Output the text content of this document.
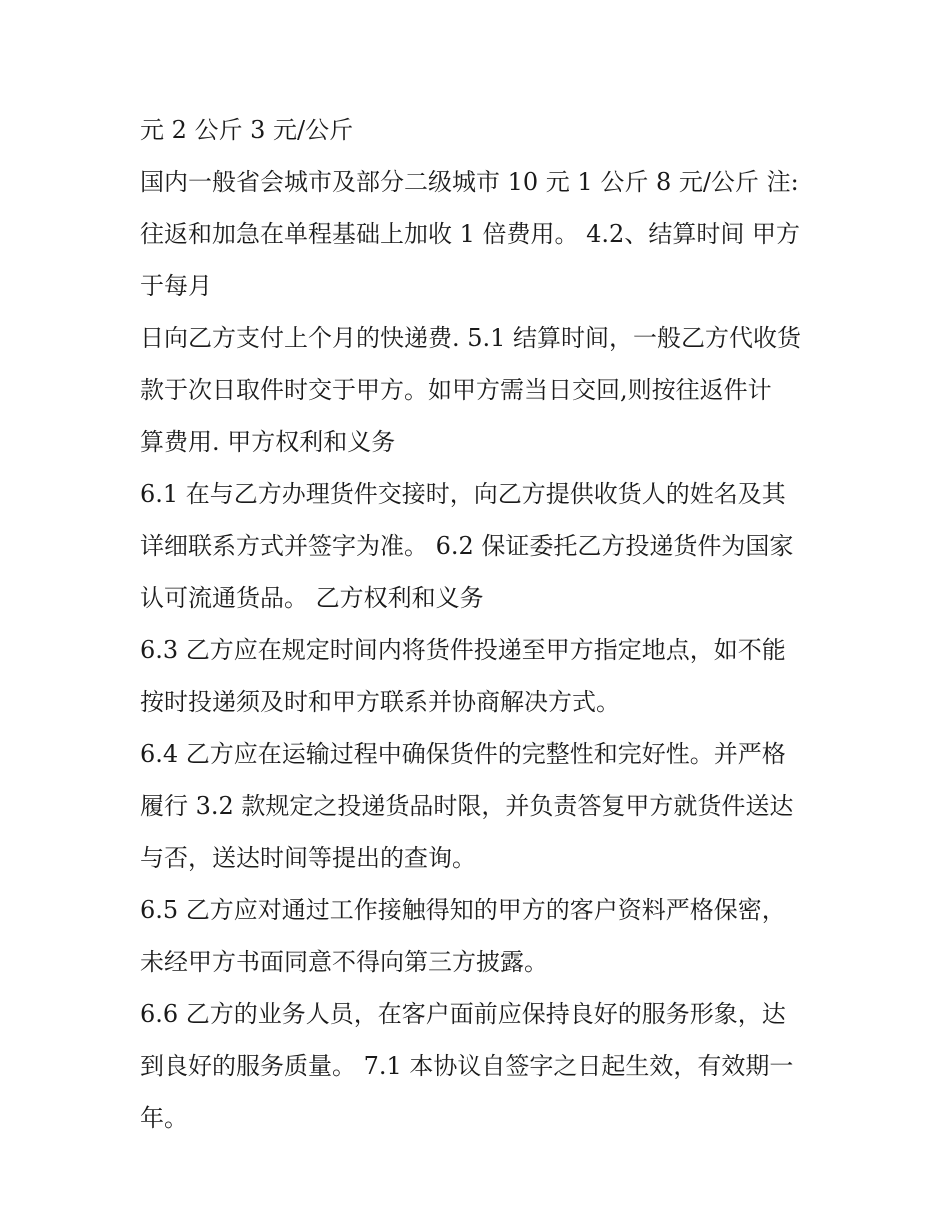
元 2 公斤 3 元/公斤

国内一般省会城市及部分二级城市 10 元 1 公斤 8 元/公斤 注:

往返和加急在单程基础上加收 1 倍费用。 4.2、结算时间 甲方

于每月

日向乙方支付上个月的快递费. 5.1 结算时间，一般乙方代收货

款于次日取件时交于甲方。如甲方需当日交回,则按往返件计

算费用. 甲方权利和义务

6.1 在与乙方办理货件交接时，向乙方提供收货人的姓名及其

详细联系方式并签字为准。 6.2 保证委托乙方投递货件为国家

认可流通货品。 乙方权利和义务

6.3 乙方应在规定时间内将货件投递至甲方指定地点，如不能

按时投递须及时和甲方联系并协商解决方式。

6.4 乙方应在运输过程中确保货件的完整性和完好性。并严格

履行 3.2 款规定之投递货品时限，并负责答复甲方就货件送达

与否，送达时间等提出的查询。

6.5 乙方应对通过工作接触得知的甲方的客户资料严格保密，

未经甲方书面同意不得向第三方披露。

6.6 乙方的业务人员，在客户面前应保持良好的服务形象，达

到良好的服务质量。 7.1 本协议自签字之日起生效，有效期一

年。
